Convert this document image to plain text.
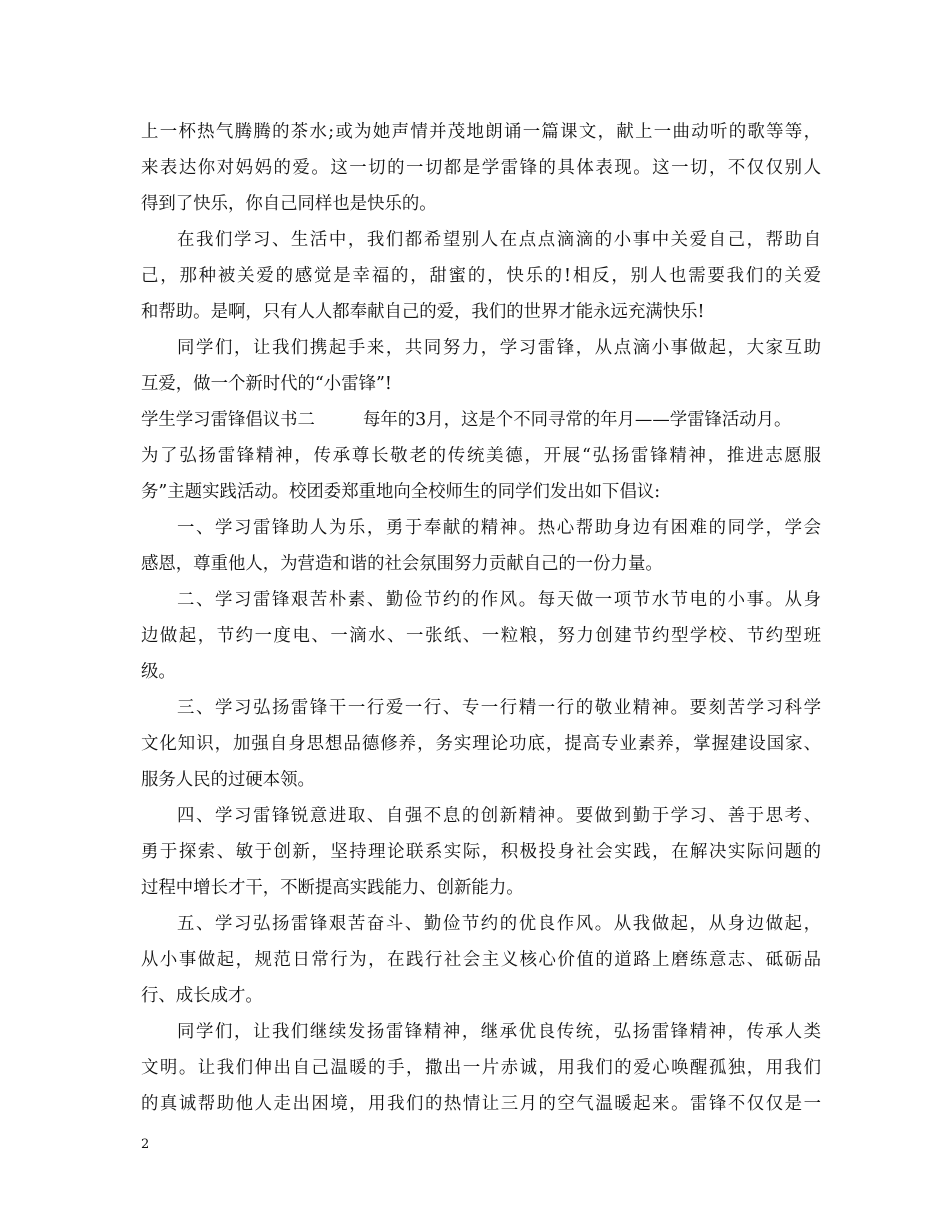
上一杯热气腾腾的茶水;或为她声情并茂地朗诵一篇课文，献上一曲动听的歌等等，
来表达你对妈妈的爱。这一切的一切都是学雷锋的具体表现。这一切，不仅仅别人
得到了快乐，你自己同样也是快乐的。
在我们学习、生活中，我们都希望别人在点点滴滴的小事中关爱自己，帮助自
己，那种被关爱的感觉是幸福的，甜蜜的，快乐的!相反，别人也需要我们的关爱
和帮助。是啊，只有人人都奉献自己的爱，我们的世界才能永远充满快乐!
同学们，让我们携起手来，共同努力，学习雷锋，从点滴小事做起，大家互助
互爱，做一个新时代的“小雷锋”!
学生学习雷锋倡议书二	每年的3月，这是个不同寻常的年月——学雷锋活动月。
为了弘扬雷锋精神，传承尊长敬老的传统美德，开展“弘扬雷锋精神，推进志愿服
务”主题实践活动。校团委郑重地向全校师生的同学们发出如下倡议:
一、学习雷锋助人为乐，勇于奉献的精神。热心帮助身边有困难的同学，学会
感恩，尊重他人，为营造和谐的社会氛围努力贡献自己的一份力量。
二、学习雷锋艰苦朴素、勤俭节约的作风。每天做一项节水节电的小事。从身
边做起，节约一度电、一滴水、一张纸、一粒粮，努力创建节约型学校、节约型班
级。
三、学习弘扬雷锋干一行爱一行、专一行精一行的敬业精神。要刻苦学习科学
文化知识，加强自身思想品德修养，务实理论功底，提高专业素养，掌握建设国家、
服务人民的过硬本领。
四、学习雷锋锐意进取、自强不息的创新精神。要做到勤于学习、善于思考、
勇于探索、敏于创新，坚持理论联系实际，积极投身社会实践，在解决实际问题的
过程中增长才干，不断提高实践能力、创新能力。
五、学习弘扬雷锋艰苦奋斗、勤俭节约的优良作风。从我做起，从身边做起，
从小事做起，规范日常行为，在践行社会主义核心价值的道路上磨练意志、砥砺品
行、成长成才。
同学们，让我们继续发扬雷锋精神，继承优良传统，弘扬雷锋精神，传承人类
文明。让我们伸出自己温暖的手，撒出一片赤诚，用我们的爱心唤醒孤独，用我们
的真诚帮助他人走出困境，用我们的热情让三月的空气温暖起来。雷锋不仅仅是一
2
